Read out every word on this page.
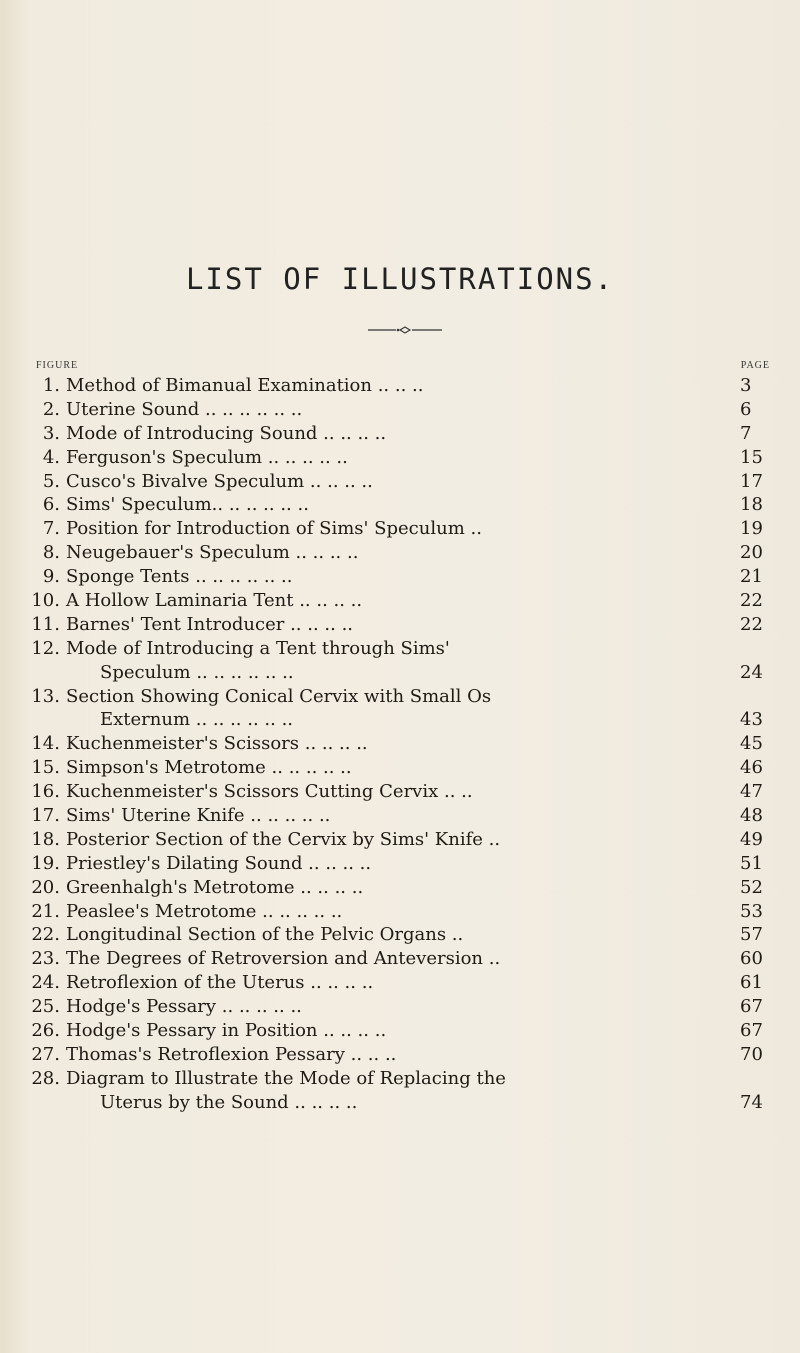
LIST OF ILLUSTRATIONS.
FIGURE	PAGE
1. Method of Bimanual Examination .. .. ..	3
2. Uterine Sound .. .. .. .. .. ..	6
3. Mode of Introducing Sound .. .. .. ..	7
4. Ferguson's Speculum .. .. .. .. ..	15
5. Cusco's Bivalve Speculum .. .. .. ..	17
6. Sims' Speculum.. .. .. .. .. ..	18
7. Position for Introduction of Sims' Speculum ..	19
8. Neugebauer's Speculum .. .. .. ..	20
9. Sponge Tents .. .. .. .. .. ..	21
10. A Hollow Laminaria Tent .. .. .. ..	22
11. Barnes' Tent Introducer .. .. .. ..	22
12. Mode of Introducing a Tent through Sims'
Speculum .. .. .. .. .. ..	24
13. Section Showing Conical Cervix with Small Os
Externum .. .. .. .. .. ..	43
14. Kuchenmeister's Scissors .. .. .. ..	45
15. Simpson's Metrotome .. .. .. .. ..	46
16. Kuchenmeister's Scissors Cutting Cervix .. ..	47
17. Sims' Uterine Knife .. .. .. .. ..	48
18. Posterior Section of the Cervix by Sims' Knife ..	49
19. Priestley's Dilating Sound .. .. .. ..	51
20. Greenhalgh's Metrotome .. .. .. ..	52
21. Peaslee's Metrotome .. .. .. .. ..	53
22. Longitudinal Section of the Pelvic Organs ..	57
23. The Degrees of Retroversion and Anteversion ..	60
24. Retroflexion of the Uterus .. .. .. ..	61
25. Hodge's Pessary .. .. .. .. ..	67
26. Hodge's Pessary in Position .. .. .. ..	67
27. Thomas's Retroflexion Pessary .. .. ..	70
28. Diagram to Illustrate the Mode of Replacing the
Uterus by the Sound .. .. .. ..	74
